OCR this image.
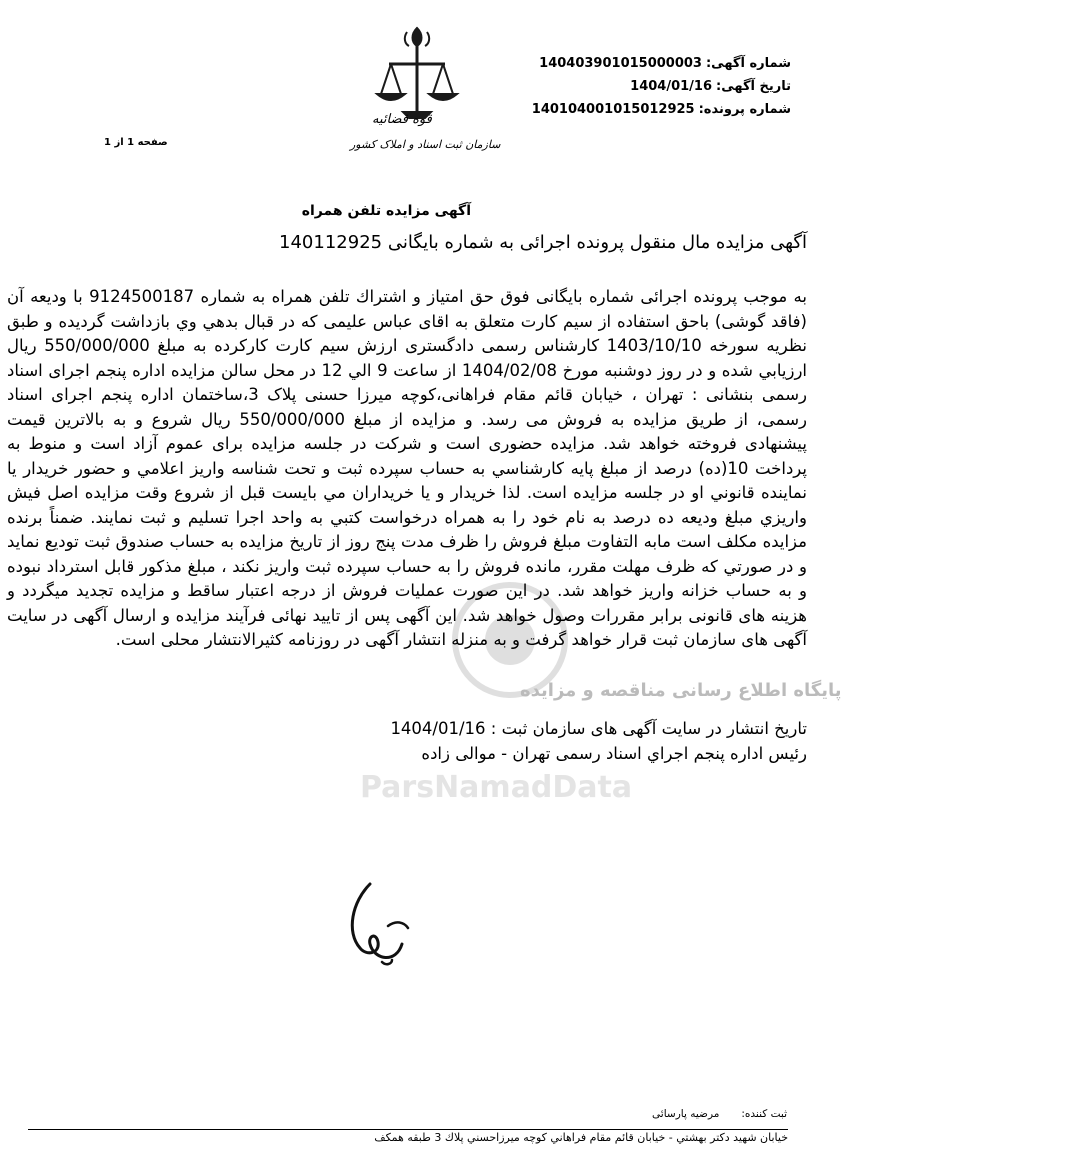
قوه قضائیه
سازمان ثبت اسناد و املاک کشور
شماره آگهی:
140403901015000003
تاریخ آگهی:
1404/01/16
شماره پرونده:
140104001015012925
صفحه 1 از 1
آگهی مزایده تلفن همراه
آگهی مزایده مال منقول پرونده اجرائی به شماره بایگانی 140112925
پایگاه اطلاع رسانی مناقصه و مزایده
ParsNamadData
به موجب پرونده اجرائی شماره بایگانی فوق حق امتیاز و اشتراك تلفن همراه به شماره 9124500187 با ودیعه آن (فاقد گوشی) باحق استفاده از سیم کارت متعلق به اقای عباس علیمی که در قبال بدهي وي بازداشت گردیده و طبق نظریه سورخه 1403/10/10 کارشناس رسمی دادگستری ارزش سیم کارت کارکرده به مبلغ 550/000/000 ريال ارزيابي شده و در روز دوشنبه مورخ 1404/02/08 از ساعت 9 الي 12 در محل سالن مزایده اداره پنجم اجرای اسناد رسمی بنشانی : تهران ، خیابان قائم مقام فراهانی،کوچه میرزا حسنی پلاک 3،ساختمان اداره پنجم اجرای اسناد رسمی، از طریق مزایده به فروش می رسد. و مزایده از مبلغ 550/000/000 ريال شروع و به بالاترین قیمت پیشنهادی فروخته خواهد شد. مزایده حضوری است و شرکت در جلسه مزایده برای عموم آزاد است و منوط به پرداخت 10(ده) درصد از مبلغ پایه کارشناسي به حساب سپرده ثبت و تحت شناسه واريز اعلامي و حضور خريدار يا نماينده قانوني او در جلسه مزایده است. لذا خريدار و يا خريداران مي بايست قبل از شروع وقت مزايده اصل فيش واريزي مبلغ وديعه ده درصد به نام خود را به همراه درخواست كتبي به واحد اجرا تسليم و ثبت نمايند. ضمناً برنده مزایده مکلف است مابه التفاوت مبلغ فروش را ظرف مدت پنج روز از تاریخ مزایده به حساب صندوق ثبت توديع نماید و در صورتي كه ظرف مهلت مقرر، مانده فروش را به حساب سپرده ثبت واريز نكند ، مبلغ مذكور قابل استرداد نبوده و به حساب خزانه واريز خواهد شد. در این صورت عملیات فروش از درجه اعتبار ساقط و مزایده تجدید میگردد و هزینه های قانونی برابر مقررات وصول خواهد شد. این آگهی پس از تایید نهائی فرآیند مزایده و ارسال آگهی در سایت آگهی های سازمان ثبت قرار خواهد گرفت و به منزله انتشار آگهی در روزنامه کثیرالانتشار محلی است.
تاریخ انتشار در سایت آگهی های سازمان ثبت : 1404/01/16
رئیس اداره پنجم اجراي اسناد رسمی تهران - موالی زاده
ثبت کننده:
مرضیه پارسائی
خیابان شهید دکتر بهشتي - خیابان قائم مقام فراهاني كوچه ميرزاحسني پلاك 3 طبقه همكف
